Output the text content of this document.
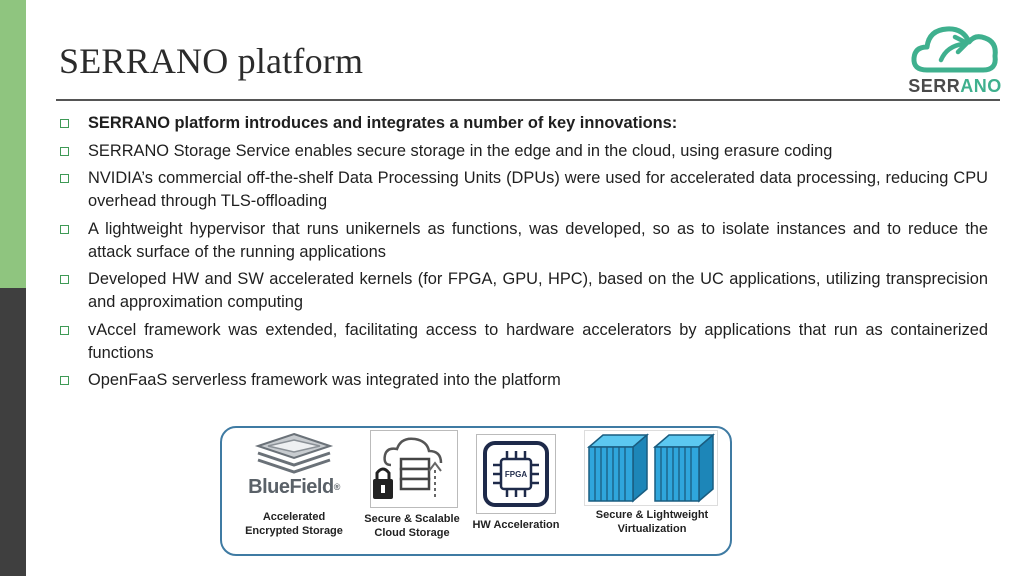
SERRANO platform
SERRANO
SERRANO platform introduces and integrates a number of key innovations:
SERRANO Storage Service enables secure storage in the edge and in the cloud, using erasure coding
NVIDIA’s commercial off-the-shelf Data Processing Units (DPUs) were used for accelerated data processing, reducing CPU overhead through TLS-offloading
A lightweight hypervisor that runs unikernels as functions, was developed, so as to isolate instances and to reduce the attack surface of the running applications
Developed HW and SW accelerated kernels (for FPGA, GPU, HPC), based on the UC applications, utilizing transprecision and approximation computing
vAccel framework was extended, facilitating access to hardware accelerators by applications that run as containerized functions
OpenFaaS serverless framework was integrated into the platform
BlueField®
Accelerated
Encrypted Storage
Secure & Scalable
Cloud Storage
FPGA
HW Acceleration
Secure & Lightweight
Virtualization
